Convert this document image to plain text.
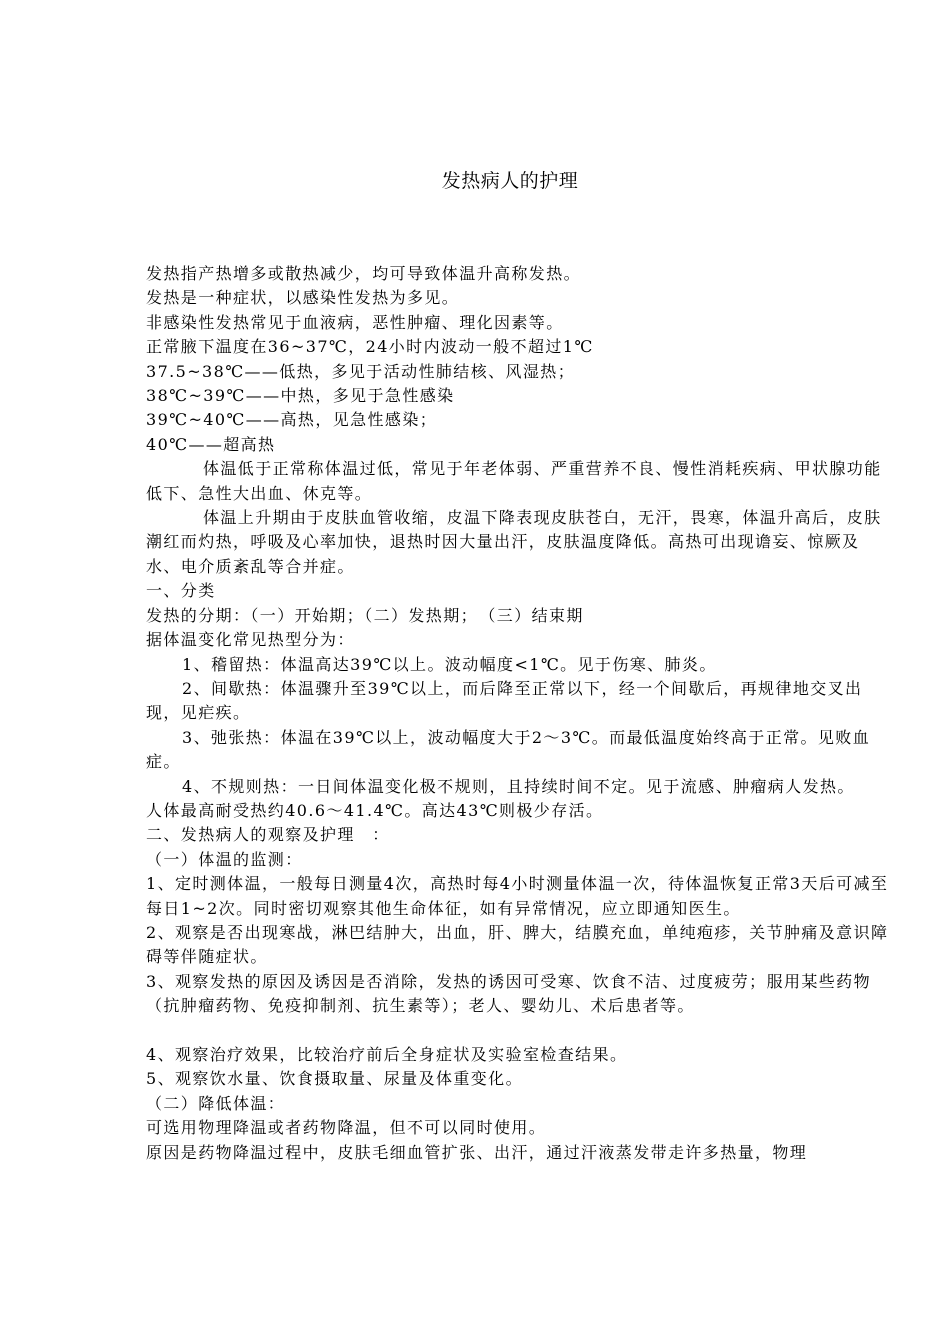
发热病人的护理

发热指产热增多或散热减少，均可导致体温升高称发热。

发热是一种症状，以感染性发热为多见。

非感染性发热常见于血液病，恶性肿瘤、理化因素等。

正常腋下温度在36~37℃，24小时内波动一般不超过1℃

37.5~38℃——低热，多见于活动性肺结核、风湿热；

38℃~39℃——中热，多见于急性感染

39℃~40℃——高热，见急性感染；

40℃——超高热

体温低于正常称体温过低，常见于年老体弱、严重营养不良、慢性消耗疾病、甲状腺功能低下、急性大出血、休克等。

体温上升期由于皮肤血管收缩，皮温下降表现皮肤苍白，无汗，畏寒，体温升高后，皮肤潮红而灼热，呼吸及心率加快，退热时因大量出汗，皮肤温度降低。高热可出现谵妄、惊厥及水、电介质紊乱等合并症。

一、分类

发热的分期：（一）开始期；（二）发热期；　（三）结束期

据体温变化常见热型分为：

1、稽留热：体温高达39℃以上。波动幅度<1℃。见于伤寒、肺炎。

2、间歇热：体温骤升至39℃以上，而后降至正常以下，经一个间歇后，再规律地交叉出现，见疟疾。

3、弛张热：体温在39℃以上，波动幅度大于2～3℃。而最低温度始终高于正常。见败血症。

4、不规则热：一日间体温变化极不规则，且持续时间不定。见于流感、肿瘤病人发热。

人体最高耐受热约40.6～41.4℃。高达43℃则极少存活。

二、发热病人的观察及护理　：

（一）体温的监测：

1、定时测体温，一般每日测量4次，高热时每4小时测量体温一次，待体温恢复正常3天后可减至每日1~2次。同时密切观察其他生命体征，如有异常情况，应立即通知医生。

2、观察是否出现寒战，淋巴结肿大，出血，肝、脾大，结膜充血，单纯疱疹，关节肿痛及意识障碍等伴随症状。

3、观察发热的原因及诱因是否消除，发热的诱因可受寒、饮食不洁、过度疲劳；服用某些药物（抗肿瘤药物、免疫抑制剂、抗生素等）；老人、婴幼儿、术后患者等。

4、观察治疗效果，比较治疗前后全身症状及实验室检查结果。

5、观察饮水量、饮食摄取量、尿量及体重变化。

（二）降低体温：

可选用物理降温或者药物降温，但不可以同时使用。

原因是药物降温过程中，皮肤毛细血管扩张、出汗，通过汗液蒸发带走许多热量，物理
